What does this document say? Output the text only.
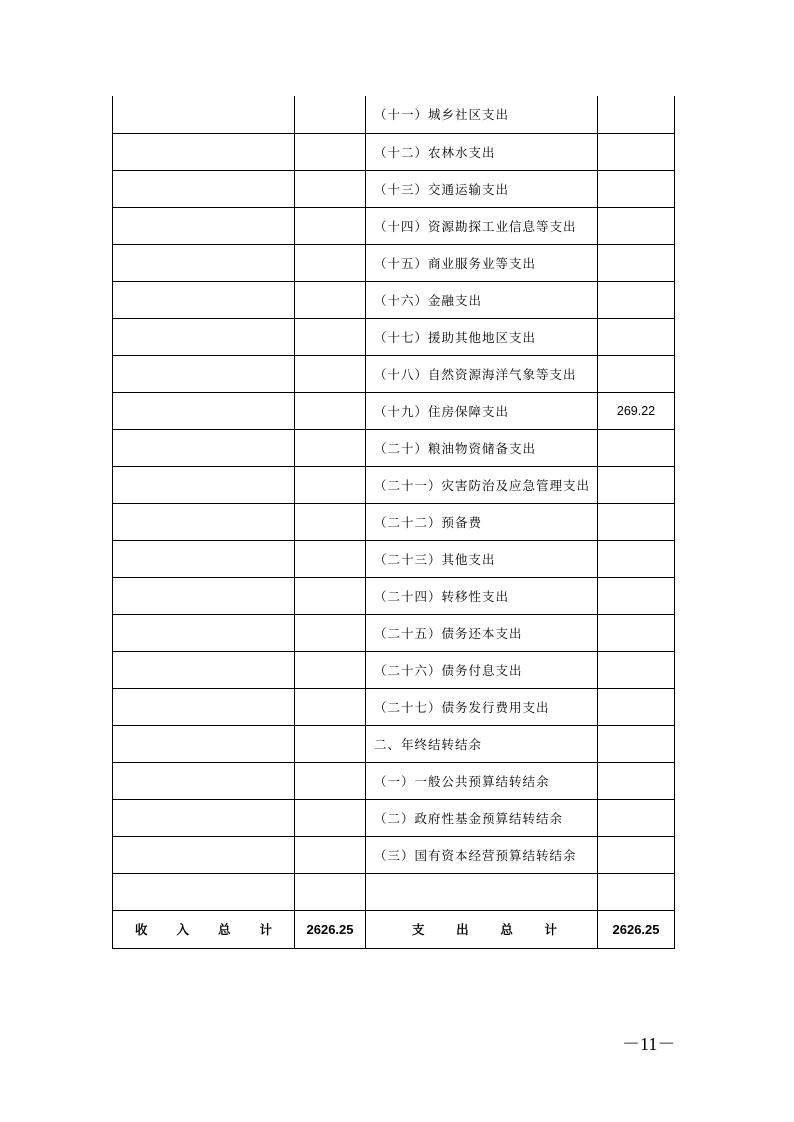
		（十一）城乡社区支出	
		（十二）农林水支出	
		（十三）交通运输支出	
		（十四）资源勘探工业信息等支出	
		（十五）商业服务业等支出	
		（十六）金融支出	
		（十七）援助其他地区支出	
		（十八）自然资源海洋气象等支出	
		（十九）住房保障支出	269.22
		（二十）粮油物资储备支出	
		（二十一）灾害防治及应急管理支出	
		（二十二）预备费	
		（二十三）其他支出	
		（二十四）转移性支出	
		（二十五）债务还本支出	
		（二十六）债务付息支出	
		（二十七）债务发行费用支出	
		二、年终结转结余	
		（一）一般公共预算结转结余	
		（二）政府性基金预算结转结余	
		（三）国有资本经营预算结转结余	

收 入 总 计	2626.25	支 出 总 计	2626.25
－11－
